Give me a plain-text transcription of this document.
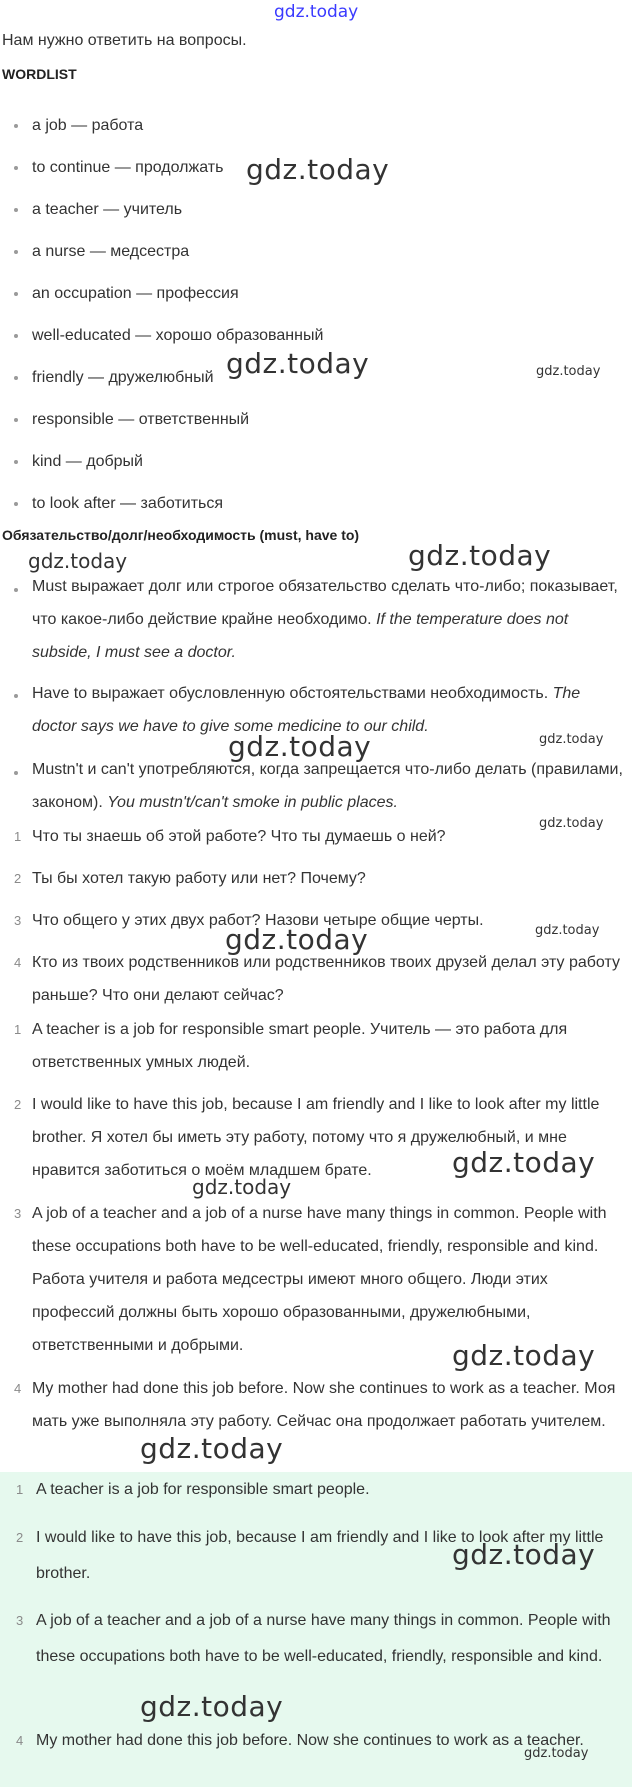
gdz.today
Нам нужно ответить на вопросы.
WORDLIST
a job — работа
to continue — продолжать
a teacher — учитель
a nurse — медсестра
an occupation — профессия
well-educated — хорошо образованный
friendly — дружелюбный
responsible — ответственный
kind — добрый
to look after — заботиться
Обязательство/долг/необходимость (must, have to)
Must выражает долг или строгое обязательство сделать что-либо; показывает, что какое-либо действие крайне необходимо. If the temperature does not subside, I must see a doctor.
Have to выражает обусловленную обстоятельствами необходимость. The doctor says we have to give some medicine to our child.
Mustn't и can't употребляются, когда запрещается что-либо делать (правилами, законом). You mustn't/can't smoke in public places.
1 Что ты знаешь об этой работе? Что ты думаешь о ней?
2 Ты бы хотел такую работу или нет? Почему?
3 Что общего у этих двух работ? Назови четыре общие черты.
4 Кто из твоих родственников или родственников твоих друзей делал эту работу раньше? Что они делают сейчас?
1 A teacher is a job for responsible smart people. Учитель — это работа для ответственных умных людей.
2 I would like to have this job, because I am friendly and I like to look after my little brother. Я хотел бы иметь эту работу, потому что я дружелюбный, и мне нравится заботиться о моём младшем брате.
3 A job of a teacher and a job of a nurse have many things in common. People with these occupations both have to be well-educated, friendly, responsible and kind. Работа учителя и работа медсестры имеют много общего. Люди этих профессий должны быть хорошо образованными, дружелюбными, ответственными и добрыми.
4 My mother had done this job before. Now she continues to work as a teacher. Моя мать уже выполняла эту работу. Сейчас она продолжает работать учителем.
1 A teacher is a job for responsible smart people.
2 I would like to have this job, because I am friendly and I like to look after my little brother.
3 A job of a teacher and a job of a nurse have many things in common. People with these occupations both have to be well-educated, friendly, responsible and kind.
4 My mother had done this job before. Now she continues to work as a teacher.
gdz.today
gdz.today	gdz.today
gdz.today	gdz.today
gdz.today	gdz.today
gdz.today
gdz.today	gdz.today
gdz.today
gdz.today
gdz.today
gdz.today
gdz.today
gdz.today
gdz.today
